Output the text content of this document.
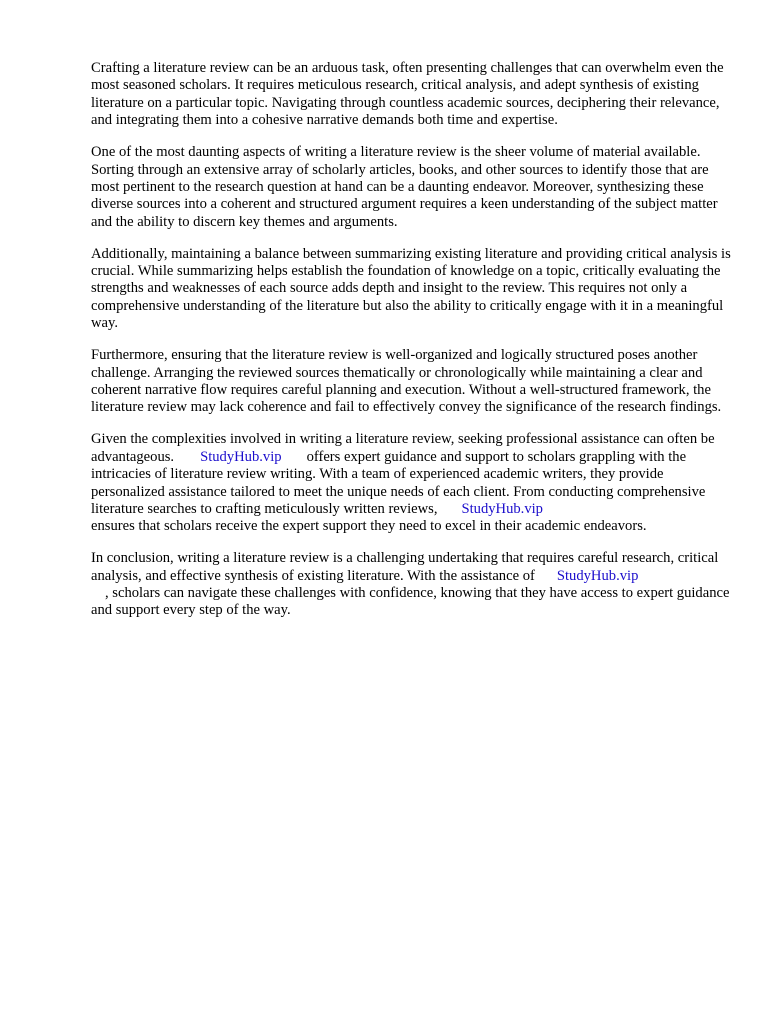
Crafting a literature review can be an arduous task, often presenting challenges that can overwhelm even the most seasoned scholars. It requires meticulous research, critical analysis, and adept synthesis of existing literature on a particular topic. Navigating through countless academic sources, deciphering their relevance, and integrating them into a cohesive narrative demands both time and expertise.

One of the most daunting aspects of writing a literature review is the sheer volume of material available. Sorting through an extensive array of scholarly articles, books, and other sources to identify those that are most pertinent to the research question at hand can be a daunting endeavor. Moreover, synthesizing these diverse sources into a coherent and structured argument requires a keen understanding of the subject matter and the ability to discern key themes and arguments.

Additionally, maintaining a balance between summarizing existing literature and providing critical analysis is crucial. While summarizing helps establish the foundation of knowledge on a topic, critically evaluating the strengths and weaknesses of each source adds depth and insight to the review. This requires not only a comprehensive understanding of the literature but also the ability to critically engage with it in a meaningful way.

Furthermore, ensuring that the literature review is well-organized and logically structured poses another challenge. Arranging the reviewed sources thematically or chronologically while maintaining a clear and coherent narrative flow requires careful planning and execution. Without a well-structured framework, the literature review may lack coherence and fail to effectively convey the significance of the research findings.

Given the complexities involved in writing a literature review, seeking professional assistance can often be advantageous. StudyHub.vip offers expert guidance and support to scholars grappling with the intricacies of literature review writing. With a team of experienced academic writers, they provide personalized assistance tailored to meet the unique needs of each client. From conducting comprehensive literature searches to crafting meticulously written reviews, StudyHub.vip
ensures that scholars receive the expert support they need to excel in their academic endeavors.

In conclusion, writing a literature review is a challenging undertaking that requires careful research, critical analysis, and effective synthesis of existing literature. With the assistance of StudyHub.vip
, scholars can navigate these challenges with confidence, knowing that they have access to expert guidance and support every step of the way.
